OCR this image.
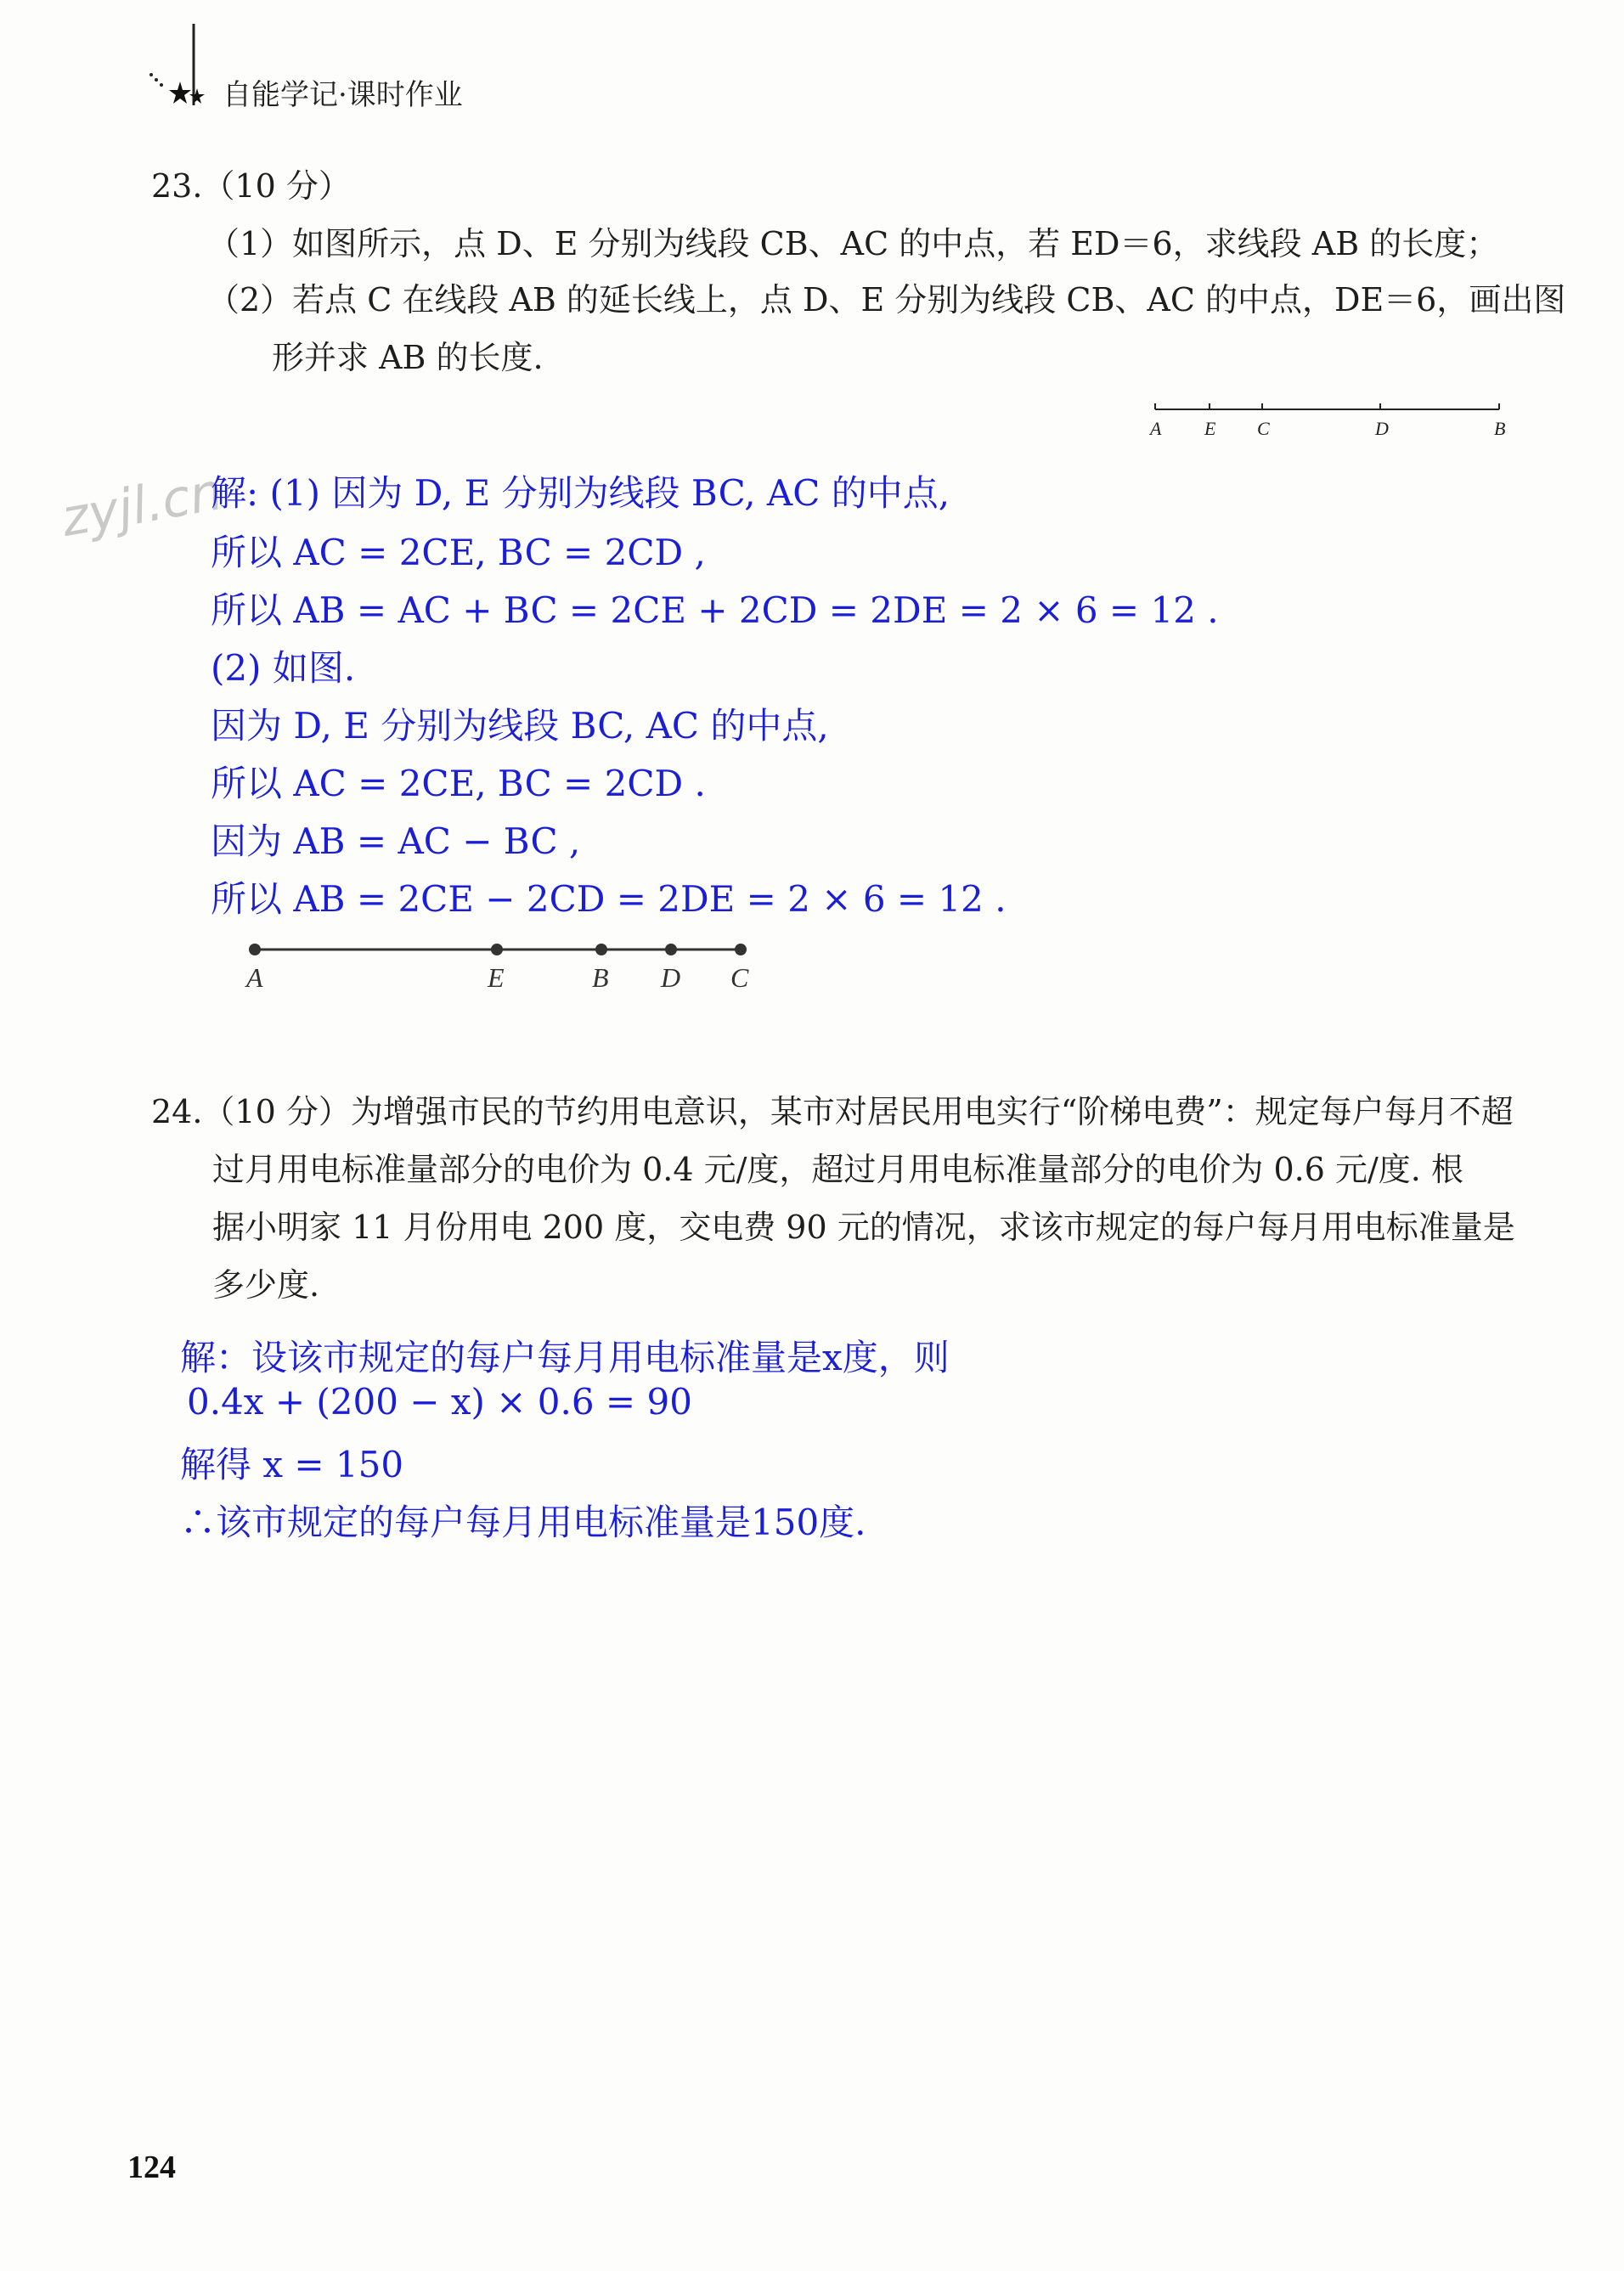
自能学记·课时作业
23.（10 分）
（1）如图所示，点 D、E 分别为线段 CB、AC 的中点，若 ED＝6，求线段 AB 的长度；
（2）若点 C 在线段 AB 的延长线上，点 D、E 分别为线段 CB、AC 的中点，DE＝6，画出图
形并求 AB 的长度.
A E C	D	B
zyjl.cn
解: (1) 因为 D, E 分别为线段 BC, AC 的中点,
所以 AC = 2CE, BC = 2CD ,
所以 AB = AC + BC = 2CE + 2CD = 2DE = 2 × 6 = 12 .
(2) 如图.
因为 D, E 分别为线段 BC, AC 的中点,
所以 AC = 2CE, BC = 2CD .
因为 AB = AC − BC ,
所以 AB = 2CE − 2CD = 2DE = 2 × 6 = 12 .
A	E	B D C
24.（10 分）为增强市民的节约用电意识，某市对居民用电实行“阶梯电费”：规定每户每月不超
过月用电标准量部分的电价为 0.4 元/度，超过月用电标准量部分的电价为 0.6 元/度. 根
据小明家 11 月份用电 200 度，交电费 90 元的情况，求该市规定的每户每月用电标准量是
多少度.
解：设该市规定的每户每月用电标准量是x度，则
0.4x + (200 − x) × 0.6 = 90
解得 x = 150
∴该市规定的每户每月用电标准量是150度.
124
